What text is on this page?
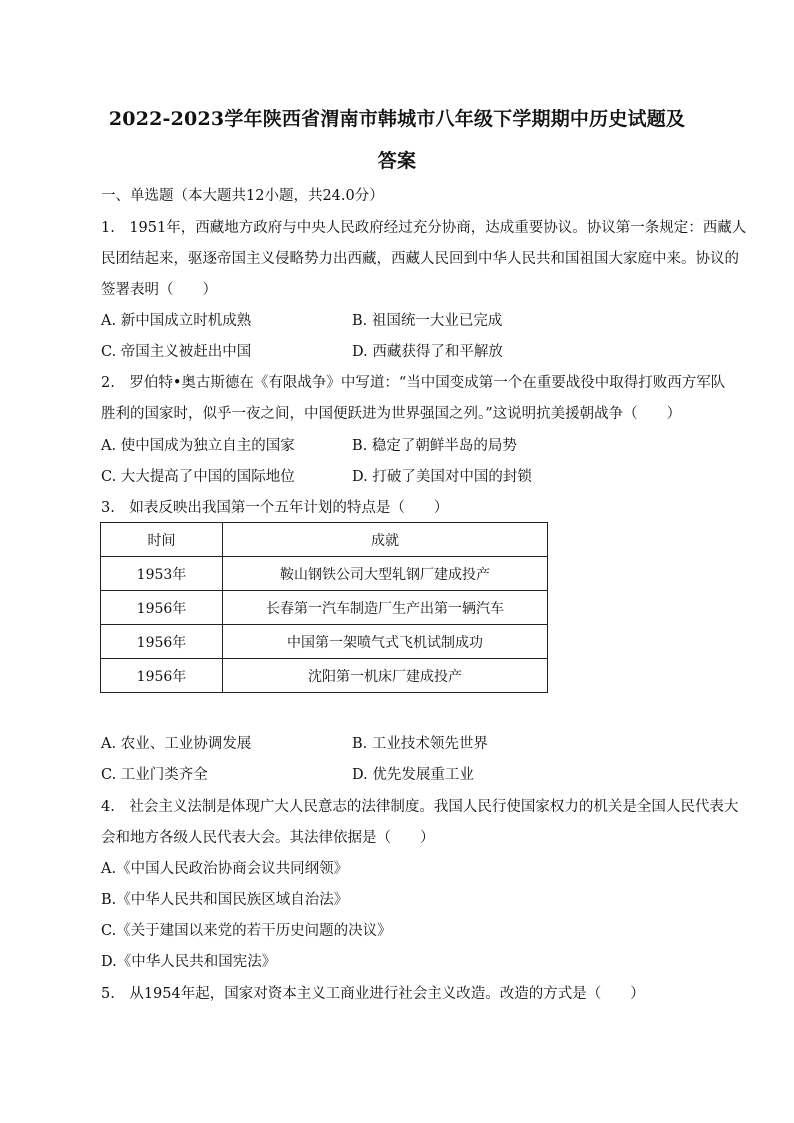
2022-2023学年陕西省渭南市韩城市八年级下学期期中历史试题及
答案
一、单选题（本大题共12小题，共24.0分）
1.　1951年，西藏地方政府与中央人民政府经过充分协商，达成重要协议。协议第一条规定：西藏人
民团结起来，驱逐帝国主义侵略势力出西藏，西藏人民回到中华人民共和国祖国大家庭中来。协议的
签署表明（　　）
A. 新中国成立时机成熟	B. 祖国统一大业已完成
C. 帝国主义被赶出中国	D. 西藏获得了和平解放
2.　罗伯特•奥古斯德在《有限战争》中写道：“当中国变成第一个在重要战役中取得打败西方军队
胜利的国家时，似乎一夜之间，中国便跃进为世界强国之列。”这说明抗美援朝战争（　　）
A. 使中国成为独立自主的国家	B. 稳定了朝鲜半岛的局势
C. 大大提高了中国的国际地位	D. 打破了美国对中国的封锁
3.　如表反映出我国第一个五年计划的特点是（　　）
时间	成就
1953年	鞍山钢铁公司大型轧钢厂建成投产
1956年	长春第一汽车制造厂生产出第一辆汽车
1956年	中国第一架喷气式飞机试制成功
1956年	沈阳第一机床厂建成投产
A. 农业、工业协调发展	B. 工业技术领先世界
C. 工业门类齐全	D. 优先发展重工业
4.　社会主义法制是体现广大人民意志的法律制度。我国人民行使国家权力的机关是全国人民代表大
会和地方各级人民代表大会。其法律依据是（　　）
A.《中国人民政治协商会议共同纲领》
B.《中华人民共和国民族区域自治法》
C.《关于建国以来党的若干历史问题的决议》
D.《中华人民共和国宪法》
5.　从1954年起，国家对资本主义工商业进行社会主义改造。改造的方式是（　　）
